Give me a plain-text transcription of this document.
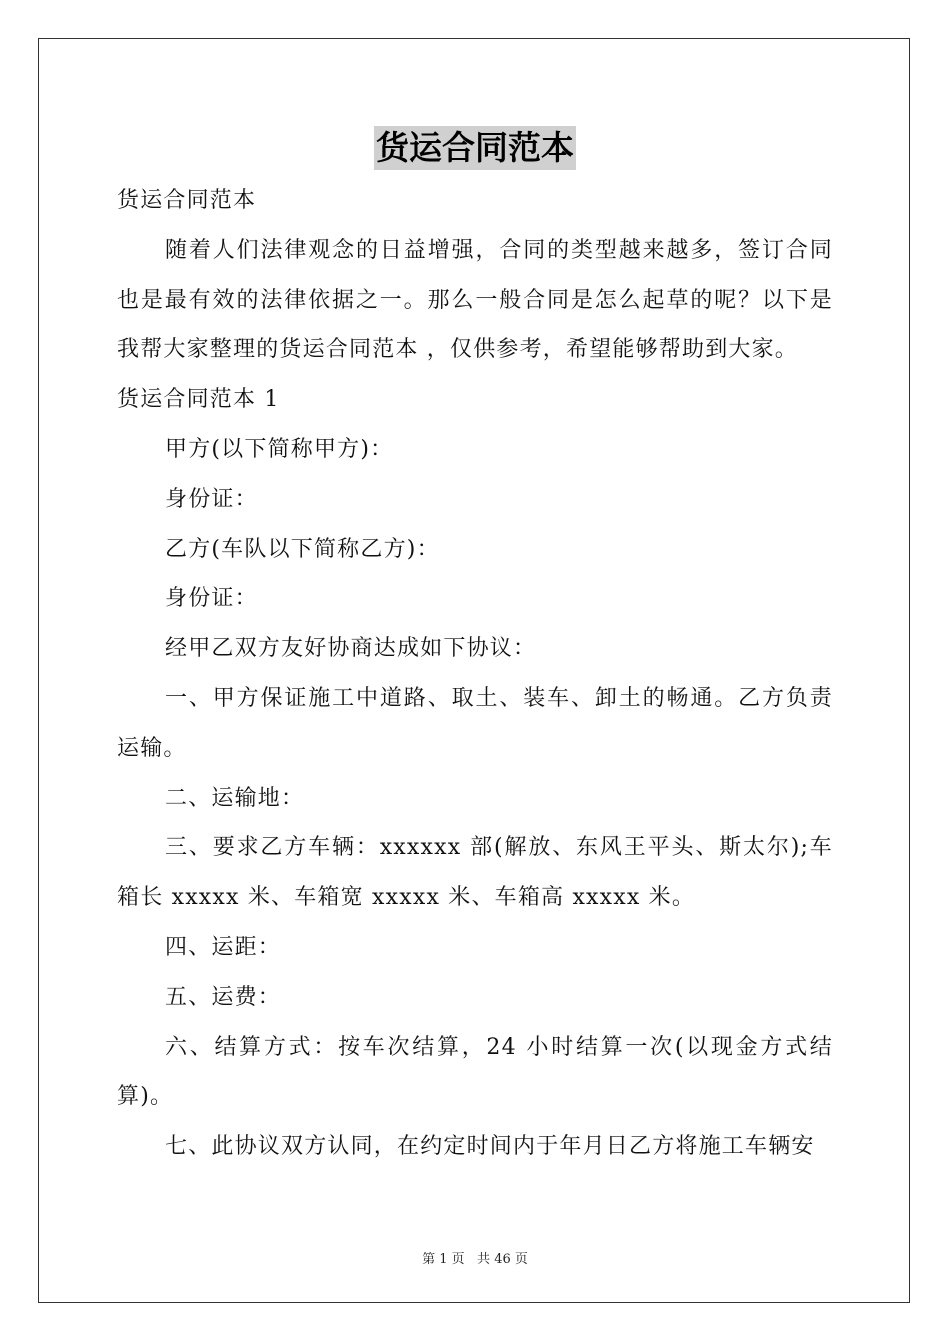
货运合同范本

货运合同范本

随着人们法律观念的日益增强，合同的类型越来越多，签订合同也是最有效的法律依据之一。那么一般合同是怎么起草的呢？以下是我帮大家整理的货运合同范本 ，仅供参考，希望能够帮助到大家。

货运合同范本 1

甲方(以下简称甲方)：

身份证：

乙方(车队以下简称乙方)：

身份证：

经甲乙双方友好协商达成如下协议：

一、甲方保证施工中道路、取土、装车、卸土的畅通。乙方负责运输。

二、运输地：

三、要求乙方车辆：xxxxxx 部(解放、东风王平头、斯太尔);车箱长 xxxxx 米、车箱宽 xxxxx 米、车箱高 xxxxx 米。

四、运距：

五、运费：

六、结算方式：按车次结算，24 小时结算一次(以现金方式结算)。

七、此协议双方认同，在约定时间内于年月日乙方将施工车辆安

第 1 页   共 46 页
